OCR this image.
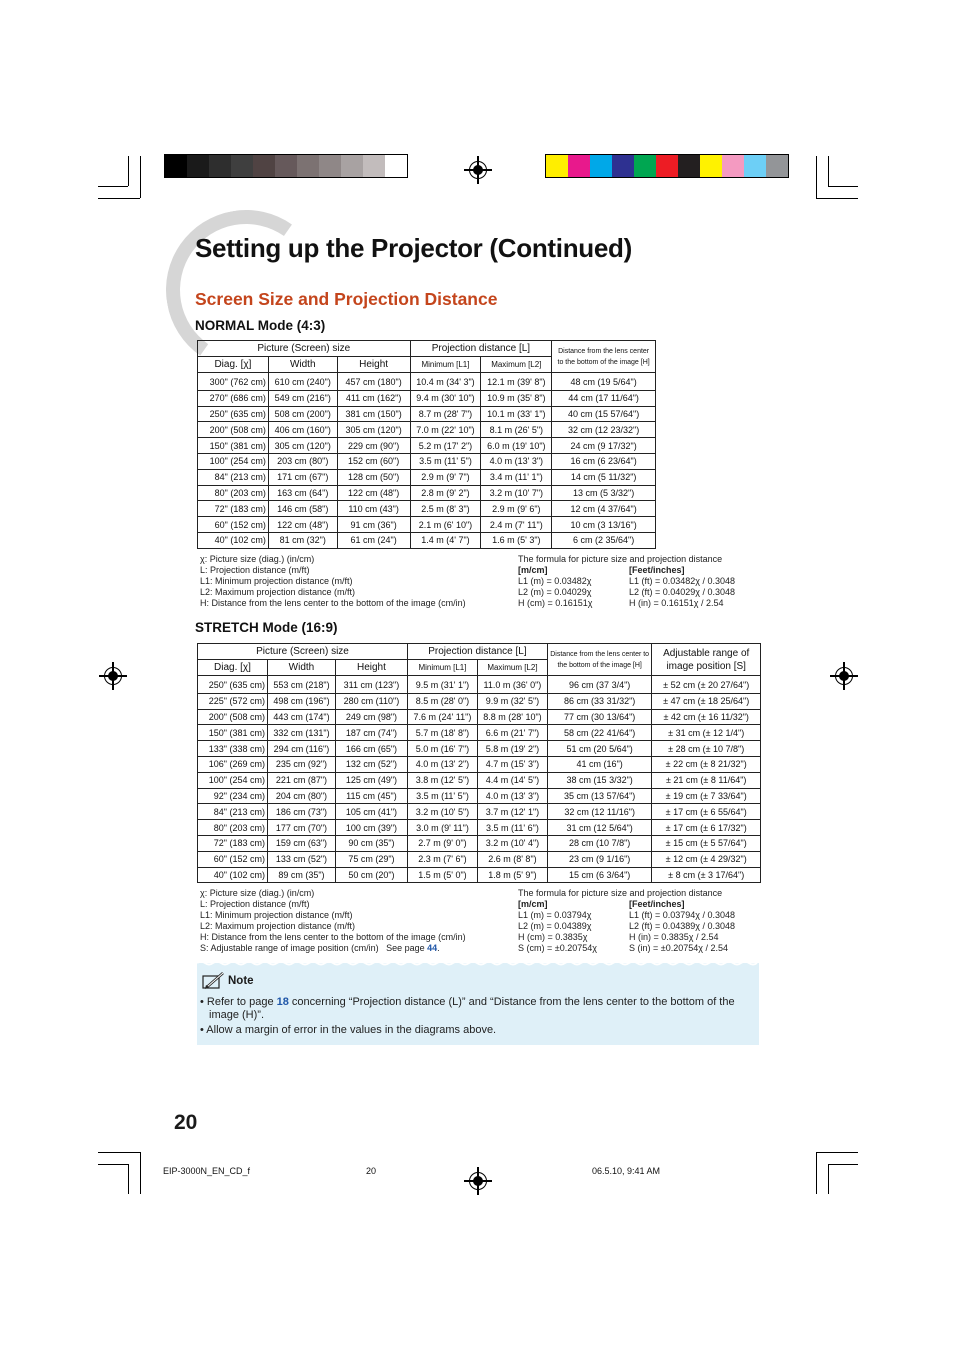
Setting up the Projector (Continued)
Screen Size and Projection Distance
NORMAL Mode (4:3)
Picture (Screen) size			Projection distance [L]		Distance from the lens center to the bottom of the image [H]
Diag. [χ]	Width	Height	Minimum [L1]	Maximum [L2]	
300" (762 cm)	610 cm (240")	457 cm (180")	10.4 m (34' 3")	12.1 m (39' 8")	48 cm (19 5/64")
270" (686 cm)	549 cm (216")	411 cm (162")	9.4 m (30' 10")	10.9 m (35' 8")	44 cm (17 11/64")
250" (635 cm)	508 cm (200")	381 cm (150")	8.7 m (28' 7")	10.1 m (33' 1")	40 cm (15 57/64")
200" (508 cm)	406 cm (160")	305 cm (120")	7.0 m (22' 10")	8.1 m (26' 5")	32 cm (12 23/32")
150" (381 cm)	305 cm (120")	229 cm (90")	5.2 m (17' 2")	6.0 m (19' 10")	24 cm (9 17/32")
100" (254 cm)	203 cm (80")	152 cm (60")	3.5 m (11' 5")	4.0 m (13' 3")	16 cm (6 23/64")
84" (213 cm)	171 cm (67")	128 cm (50")	2.9 m (9' 7")	3.4 m (11' 1")	14 cm (5 11/32")
80" (203 cm)	163 cm (64")	122 cm (48")	2.8 m (9' 2")	3.2 m (10' 7")	13 cm (5 3/32")
72" (183 cm)	146 cm (58")	110 cm (43")	2.5 m (8' 3")	2.9 m (9' 6")	12 cm (4 37/64")
60" (152 cm)	122 cm (48")	91 cm (36")	2.1 m (6' 10")	2.4 m (7' 11")	10 cm (3 13/16")
40" (102 cm)	81 cm (32")	61 cm (24")	1.4 m (4' 7")	1.6 m (5' 3")	6 cm (2 35/64")
χ: Picture size (diag.) (in/cm)
L: Projection distance (m/ft)
L1: Minimum projection distance (m/ft)
L2: Maximum projection distance (m/ft)
H: Distance from the lens center to the bottom of the image (cm/in)
The formula for picture size and projection distance
[m/cm]	[Feet/inches]
L1 (m) = 0.03482χ	L1 (ft) = 0.03482χ / 0.3048
L2 (m) = 0.04029χ	L2 (ft) = 0.04029χ / 0.3048
H (cm) = 0.16151χ	H (in) = 0.16151χ / 2.54
STRETCH Mode (16:9)
Picture (Screen) size			Projection distance [L]		Distance from the lens center to the bottom of the image [H]	Adjustable range of image position [S]
Diag. [χ]	Width	Height	Minimum [L1]	Maximum [L2]		
250" (635 cm)	553 cm (218")	311 cm (123")	9.5 m (31' 1")	11.0 m (36' 0")	96 cm (37 3/4")	± 52 cm (± 20 27/64")
225" (572 cm)	498 cm (196")	280 cm (110")	8.5 m (28' 0")	9.9 m (32' 5")	86 cm (33 31/32")	± 47 cm (± 18 25/64")
200" (508 cm)	443 cm (174")	249 cm (98")	7.6 m (24' 11")	8.8 m (28' 10")	77 cm (30 13/64")	± 42 cm (± 16 11/32")
150" (381 cm)	332 cm (131")	187 cm (74")	5.7 m (18' 8")	6.6 m (21' 7")	58 cm (22 41/64")	± 31 cm (± 12 1/4")
133" (338 cm)	294 cm (116")	166 cm (65")	5.0 m (16' 7")	5.8 m (19' 2")	51 cm (20 5/64")	± 28 cm (± 10 7/8")
106" (269 cm)	235 cm (92")	132 cm (52")	4.0 m (13' 2")	4.7 m (15' 3")	41 cm (16")	± 22 cm (± 8 21/32")
100" (254 cm)	221 cm (87")	125 cm (49")	3.8 m (12' 5")	4.4 m (14' 5")	38 cm (15 3/32")	± 21 cm (± 8 11/64")
92" (234 cm)	204 cm (80")	115 cm (45")	3.5 m (11' 5")	4.0 m (13' 3")	35 cm (13 57/64")	± 19 cm (± 7 33/64")
84" (213 cm)	186 cm (73")	105 cm (41")	3.2 m (10' 5")	3.7 m (12' 1")	32 cm (12 11/16")	± 17 cm (± 6 55/64")
80" (203 cm)	177 cm (70")	100 cm (39")	3.0 m (9' 11")	3.5 m (11' 6")	31 cm (12 5/64")	± 17 cm (± 6 17/32")
72" (183 cm)	159 cm (63")	90 cm (35")	2.7 m (9' 0")	3.2 m (10' 4")	28 cm (10 7/8")	± 15 cm (± 5 57/64")
60" (152 cm)	133 cm (52")	75 cm (29")	2.3 m (7' 6")	2.6 m (8' 8")	23 cm (9 1/16")	± 12 cm (± 4 29/32")
40" (102 cm)	89 cm (35")	50 cm (20")	1.5 m (5' 0")	1.8 m (5' 9")	15 cm (6 3/64")	± 8 cm (± 3 17/64")
χ: Picture size (diag.) (in/cm)
L: Projection distance (m/ft)
L1: Minimum projection distance (m/ft)
L2: Maximum projection distance (m/ft)
H: Distance from the lens center to the bottom of the image (cm/in)
S: Adjustable range of image position (cm/in)   See page 44.
The formula for picture size and projection distance
[m/cm]	[Feet/inches]
L1 (m) = 0.03794χ	L1 (ft) = 0.03794χ / 0.3048
L2 (m) = 0.04389χ	L2 (ft) = 0.04389χ / 0.3048
H (cm) = 0.3835χ	H (in) = 0.3835χ / 2.54
S (cm) = ±0.20754χ	S (in) = ±0.20754χ / 2.54
Note

• Refer to page 18 concerning “Projection distance (L)” and “Distance from the lens center to the bottom of the image (H)”.

• Allow a margin of error in the values in the diagrams above.

20
EIP-3000N_EN_CD_f	20	06.5.10, 9:41 AM
